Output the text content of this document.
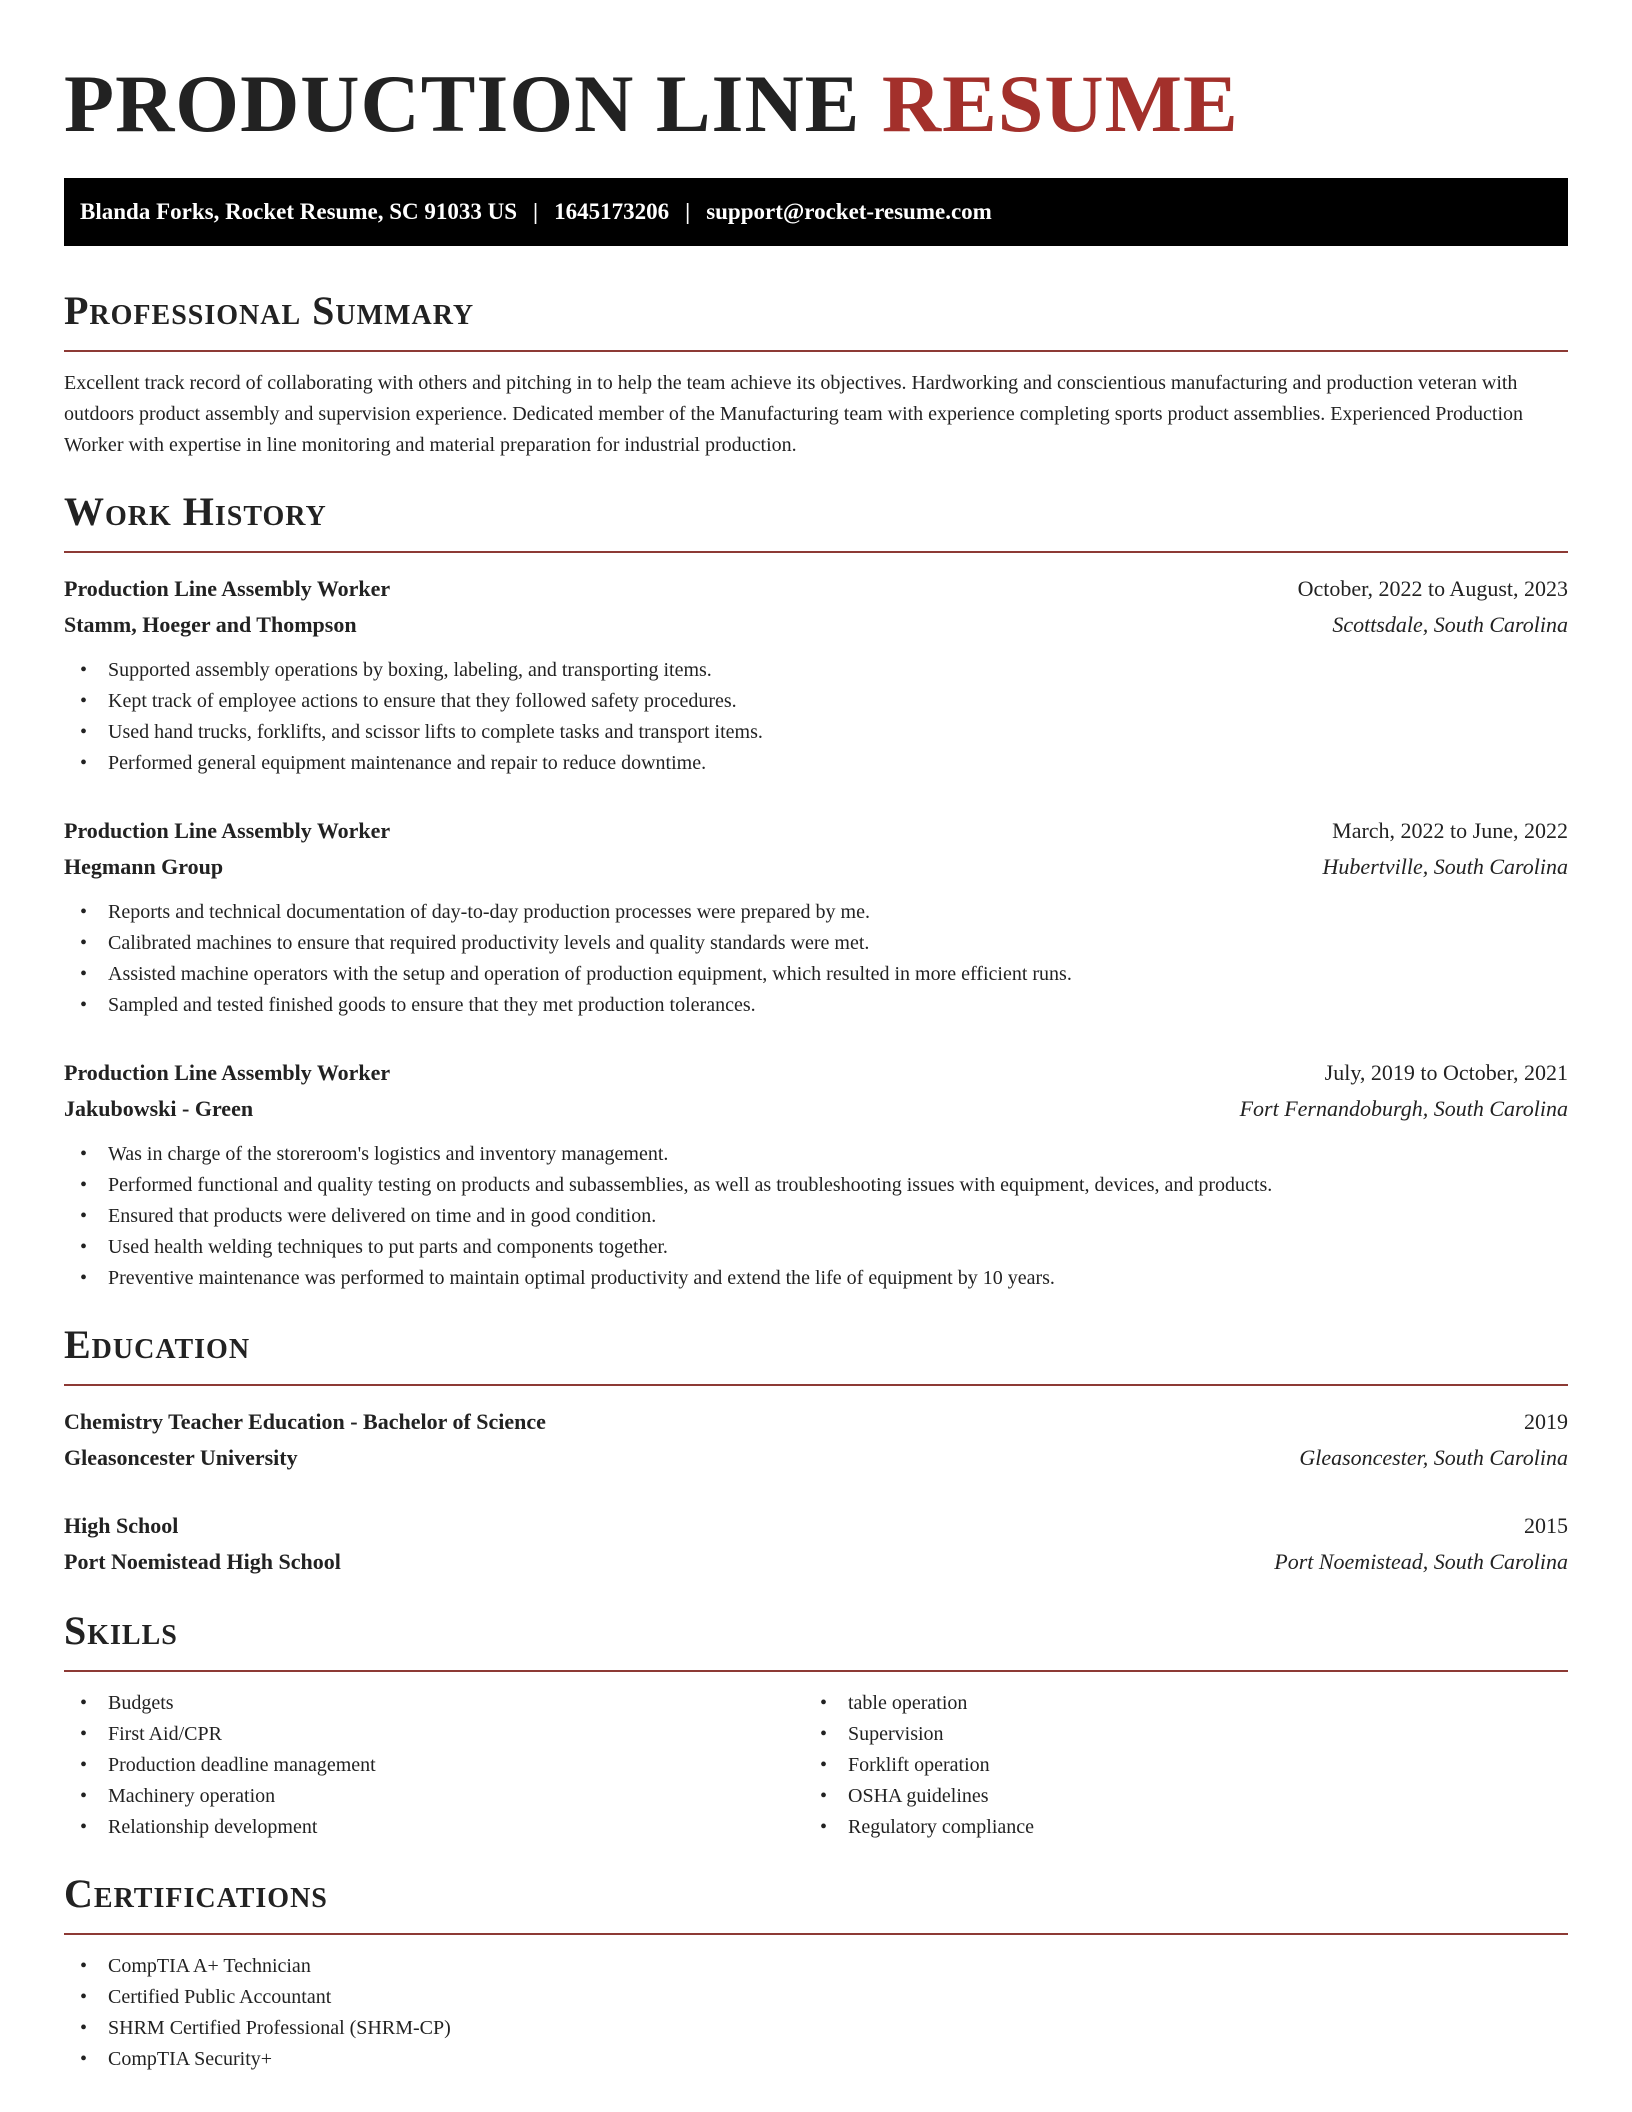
PRODUCTION LINE RESUME
Blanda Forks, Rocket Resume, SC 91033 US | 1645173206 | support@rocket-resume.com
Professional Summary

Excellent track record of collaborating with others and pitching in to help the team achieve its objectives. Hardworking and conscientious manufacturing and production veteran with outdoors product assembly and supervision experience. Dedicated member of the Manufacturing team with experience completing sports product assemblies. Experienced Production Worker with expertise in line monitoring and material preparation for industrial production.

Work History
Production Line Assembly Worker	October, 2022 to August, 2023
Stamm, Hoeger and Thompson	Scottsdale, South Carolina
• Supported assembly operations by boxing, labeling, and transporting items.
• Kept track of employee actions to ensure that they followed safety procedures.
• Used hand trucks, forklifts, and scissor lifts to complete tasks and transport items.
• Performed general equipment maintenance and repair to reduce downtime.
Production Line Assembly Worker	March, 2022 to June, 2022
Hegmann Group	Hubertville, South Carolina
• Reports and technical documentation of day-to-day production processes were prepared by me.
• Calibrated machines to ensure that required productivity levels and quality standards were met.
• Assisted machine operators with the setup and operation of production equipment, which resulted in more efficient runs.
• Sampled and tested finished goods to ensure that they met production tolerances.
Production Line Assembly Worker	July, 2019 to October, 2021
Jakubowski - Green	Fort Fernandoburgh, South Carolina
• Was in charge of the storeroom's logistics and inventory management.
• Performed functional and quality testing on products and subassemblies, as well as troubleshooting issues with equipment, devices, and products.
• Ensured that products were delivered on time and in good condition.
• Used health welding techniques to put parts and components together.
• Preventive maintenance was performed to maintain optimal productivity and extend the life of equipment by 10 years.
Education
Chemistry Teacher Education - Bachelor of Science	2019
Gleasoncester University	Gleasoncester, South Carolina
High School	2015
Port Noemistead High School	Port Noemistead, South Carolina
Skills
• Budgets
• First Aid/CPR
• Production deadline management
• Machinery operation
• Relationship development
• table operation
• Supervision
• Forklift operation
• OSHA guidelines
• Regulatory compliance
Certifications
• CompTIA A+ Technician
• Certified Public Accountant
• SHRM Certified Professional (SHRM-CP)
• CompTIA Security+
